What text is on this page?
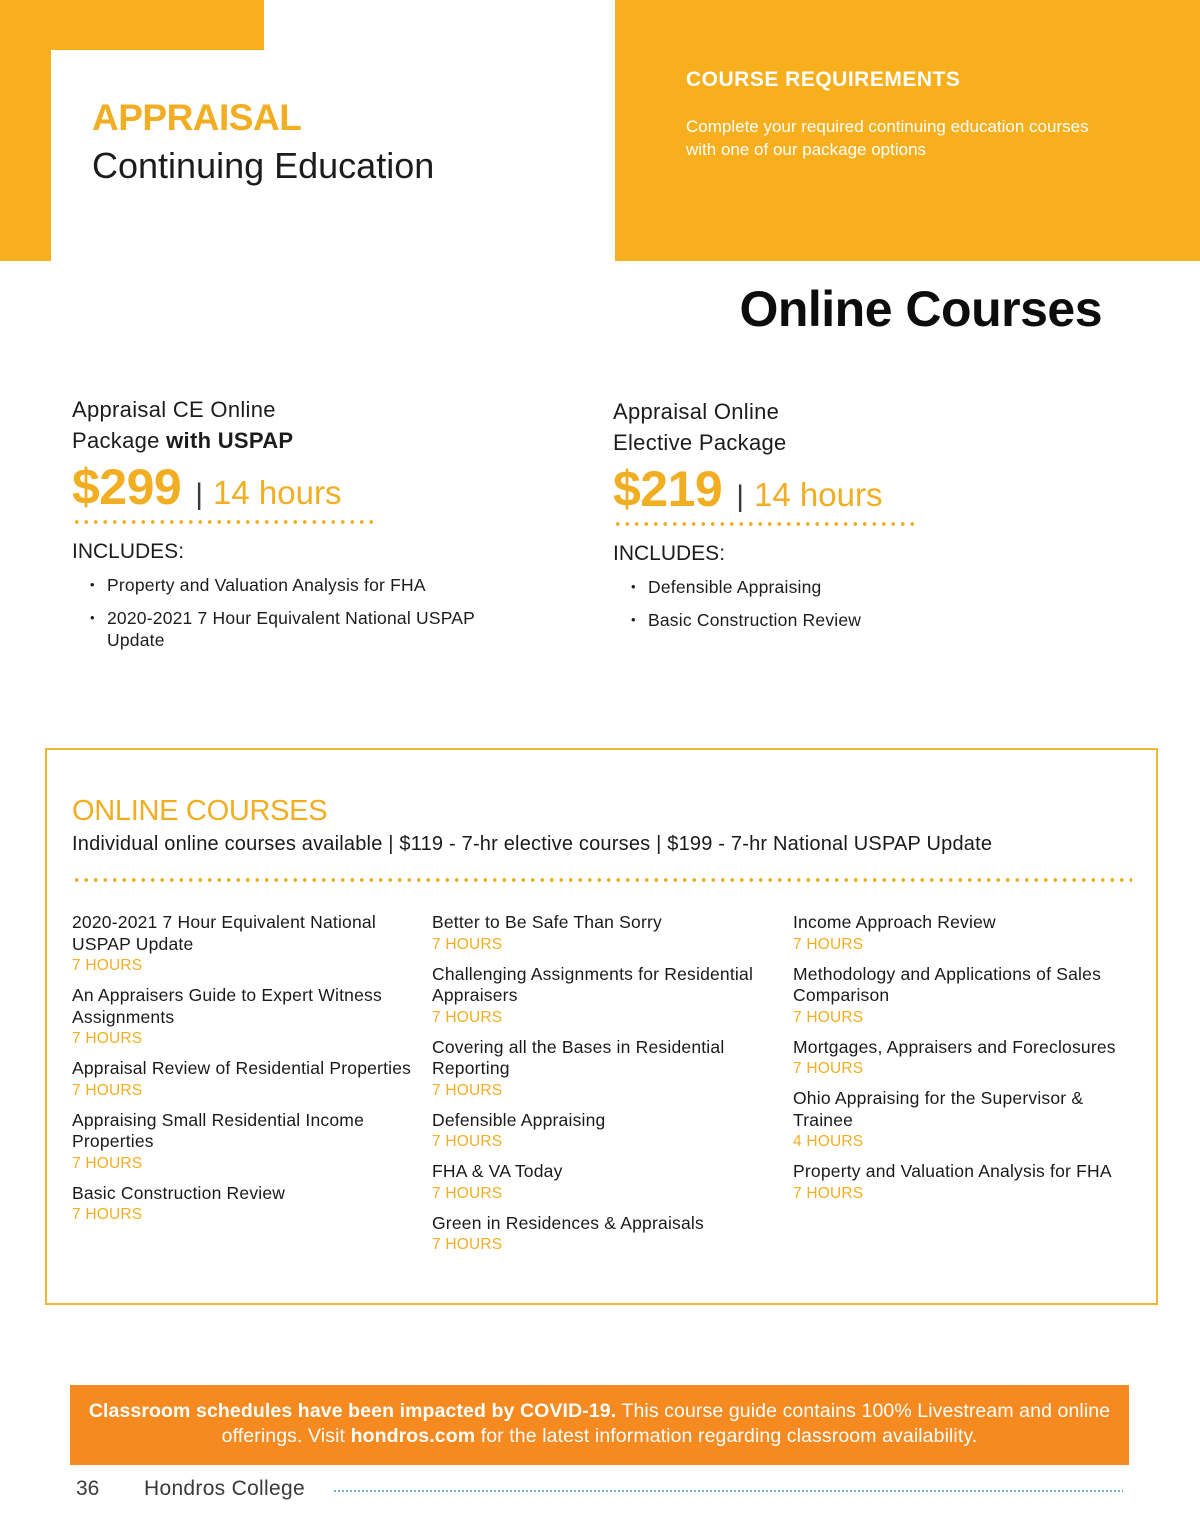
APPRAISAL
Continuing Education
COURSE REQUIREMENTS
Complete your required continuing education courses with one of our package options
Online Courses
Appraisal CE Online
Package with USPAP
$299 | 14 hours
INCLUDES:
• Property and Valuation Analysis for FHA
• 2020-2021 7 Hour Equivalent National USPAP Update
Appraisal Online
Elective Package
$219 | 14 hours
INCLUDES:
• Defensible Appraising
• Basic Construction Review
ONLINE COURSES
Individual online courses available | $119 - 7-hr elective courses | $199 - 7-hr National USPAP Update
2020-2021 7 Hour Equivalent National USPAP Update
7 HOURS
An Appraisers Guide to Expert Witness Assignments
7 HOURS
Appraisal Review of Residential Properties
7 HOURS
Appraising Small Residential Income Properties
7 HOURS
Basic Construction Review
7 HOURS
Better to Be Safe Than Sorry
7 HOURS
Challenging Assignments for Residential Appraisers
7 HOURS
Covering all the Bases in Residential Reporting
7 HOURS
Defensible Appraising
7 HOURS
FHA & VA Today
7 HOURS
Green in Residences & Appraisals
7 HOURS
Income Approach Review
7 HOURS
Methodology and Applications of Sales Comparison
7 HOURS
Mortgages, Appraisers and Foreclosures
7 HOURS
Ohio Appraising for the Supervisor & Trainee
4 HOURS
Property and Valuation Analysis for FHA
7 HOURS
Classroom schedules have been impacted by COVID-19. This course guide contains 100% Livestream and online offerings. Visit hondros.com for the latest information regarding classroom availability.
36 Hondros College
